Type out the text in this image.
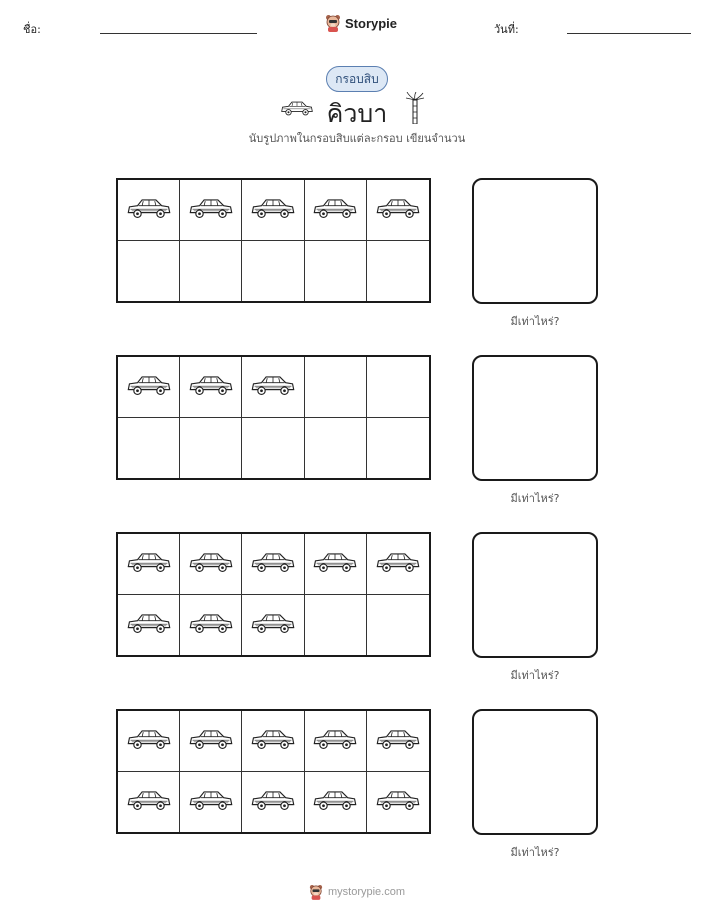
ชื่อ:	Storypie	วันที่:
กรอบสิบ
คิวบา
นับรูปภาพในกรอบสิบแต่ละกรอบ เขียนจำนวน
มีเท่าไหร่?
มีเท่าไหร่?
มีเท่าไหร่?
มีเท่าไหร่?
mystorypie.com
